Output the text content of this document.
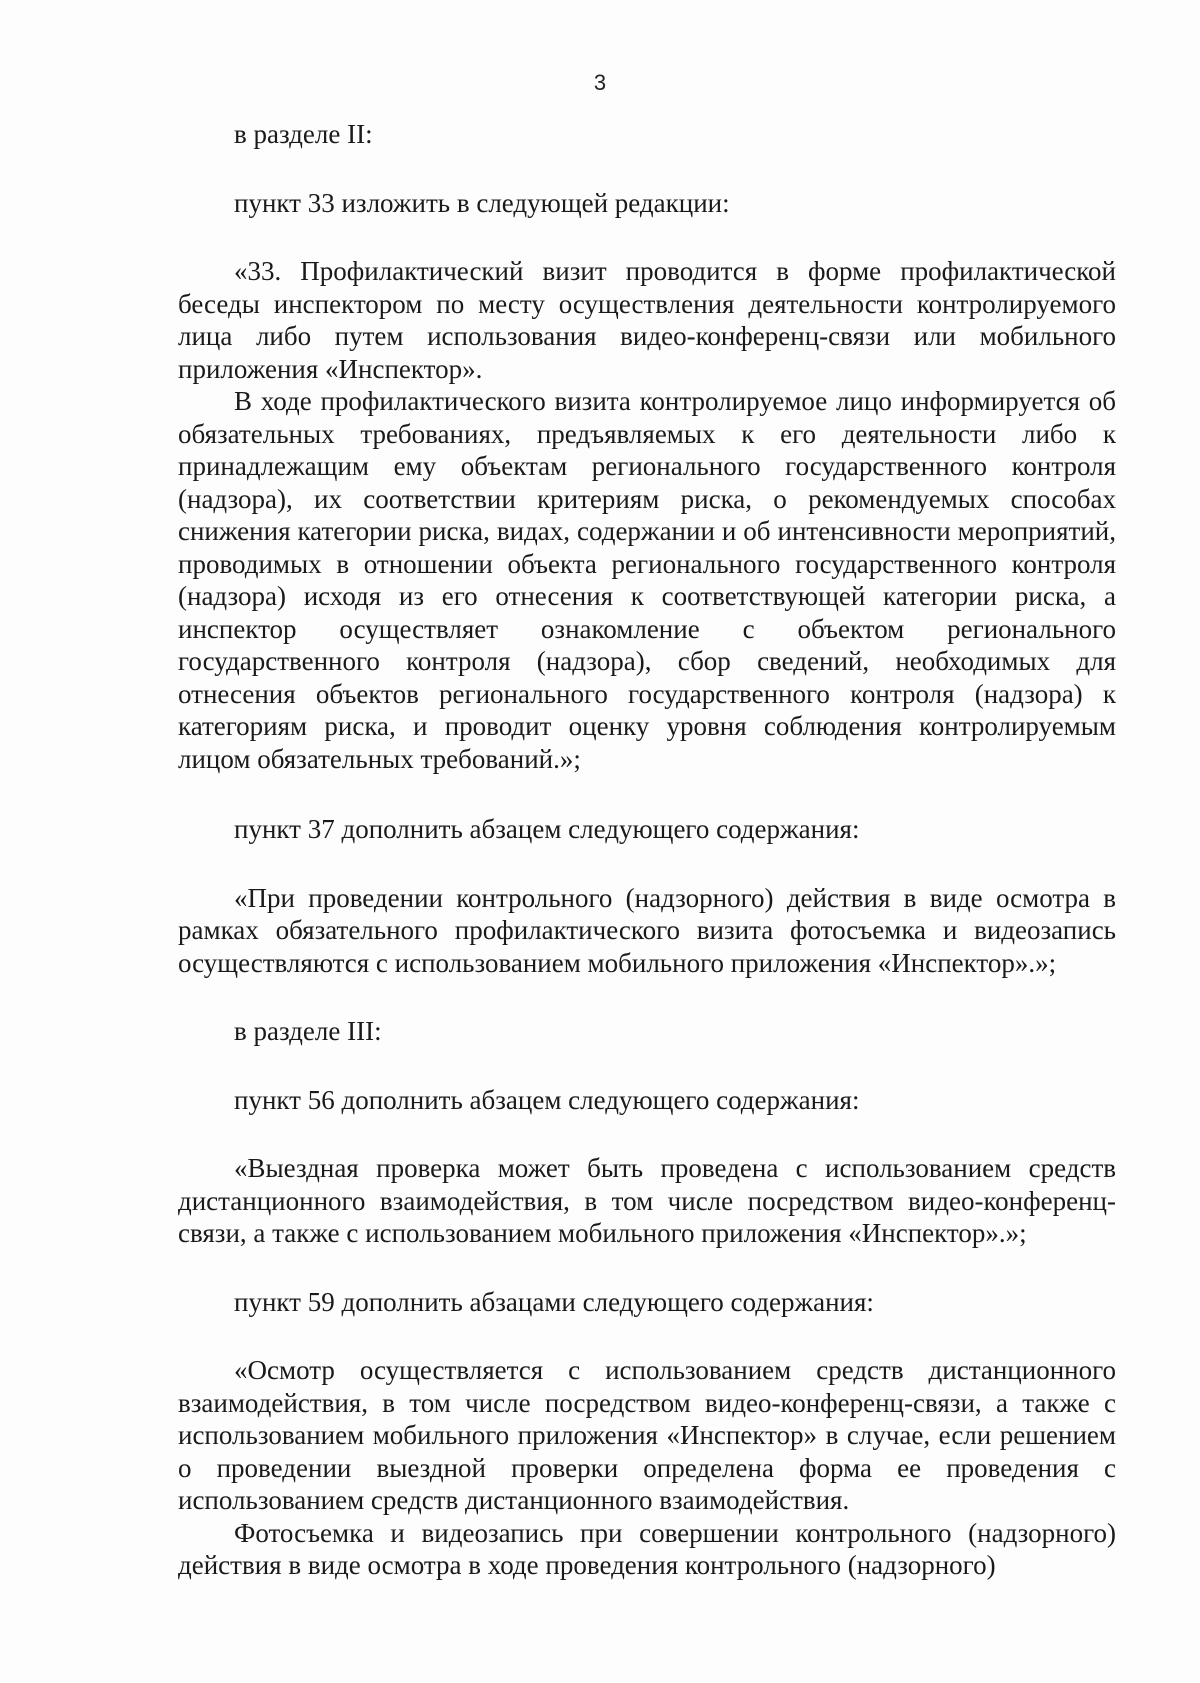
3

в разделе II:

пункт 33 изложить в следующей редакции:

«33. Профилактический визит проводится в форме профилактической беседы инспектором по месту осуществления деятельности контролируемого лица либо путем использования видео-конференц-связи или мобильного приложения «Инспектор».

В ходе профилактического визита контролируемое лицо информируется об обязательных требованиях, предъявляемых к его деятельности либо к принадлежащим ему объектам регионального государственного контроля (надзора), их соответствии критериям риска, о рекомендуемых способах снижения категории риска, видах, содержании и об интенсивности мероприятий, проводимых в отношении объекта регионального государственного контроля (надзора) исходя из его отнесения к соответствующей категории риска, а инспектор осуществляет ознакомление с объектом регионального государственного контроля (надзора), сбор сведений, необходимых для отнесения объектов регионального государственного контроля (надзора) к категориям риска, и проводит оценку уровня соблюдения контролируемым лицом обязательных требований.»;

пункт 37 дополнить абзацем следующего содержания:

«При проведении контрольного (надзорного) действия в виде осмотра в рамках обязательного профилактического визита фотосъемка и видеозапись осуществляются с использованием мобильного приложения «Инспектор».»;

в разделе III:

пункт 56 дополнить абзацем следующего содержания:

«Выездная проверка может быть проведена с использованием средств дистанционного взаимодействия, в том числе посредством видео-конференц-связи, а также с использованием мобильного приложения «Инспектор».»;

пункт 59 дополнить абзацами следующего содержания:

«Осмотр осуществляется с использованием средств дистанционного взаимодействия, в том числе посредством видео-конференц-связи, а также с использованием мобильного приложения «Инспектор» в случае, если решением о проведении выездной проверки определена форма ее проведения с использованием средств дистанционного взаимодействия.

Фотосъемка и видеозапись при совершении контрольного (надзорного) действия в виде осмотра в ходе проведения контрольного (надзорного)
